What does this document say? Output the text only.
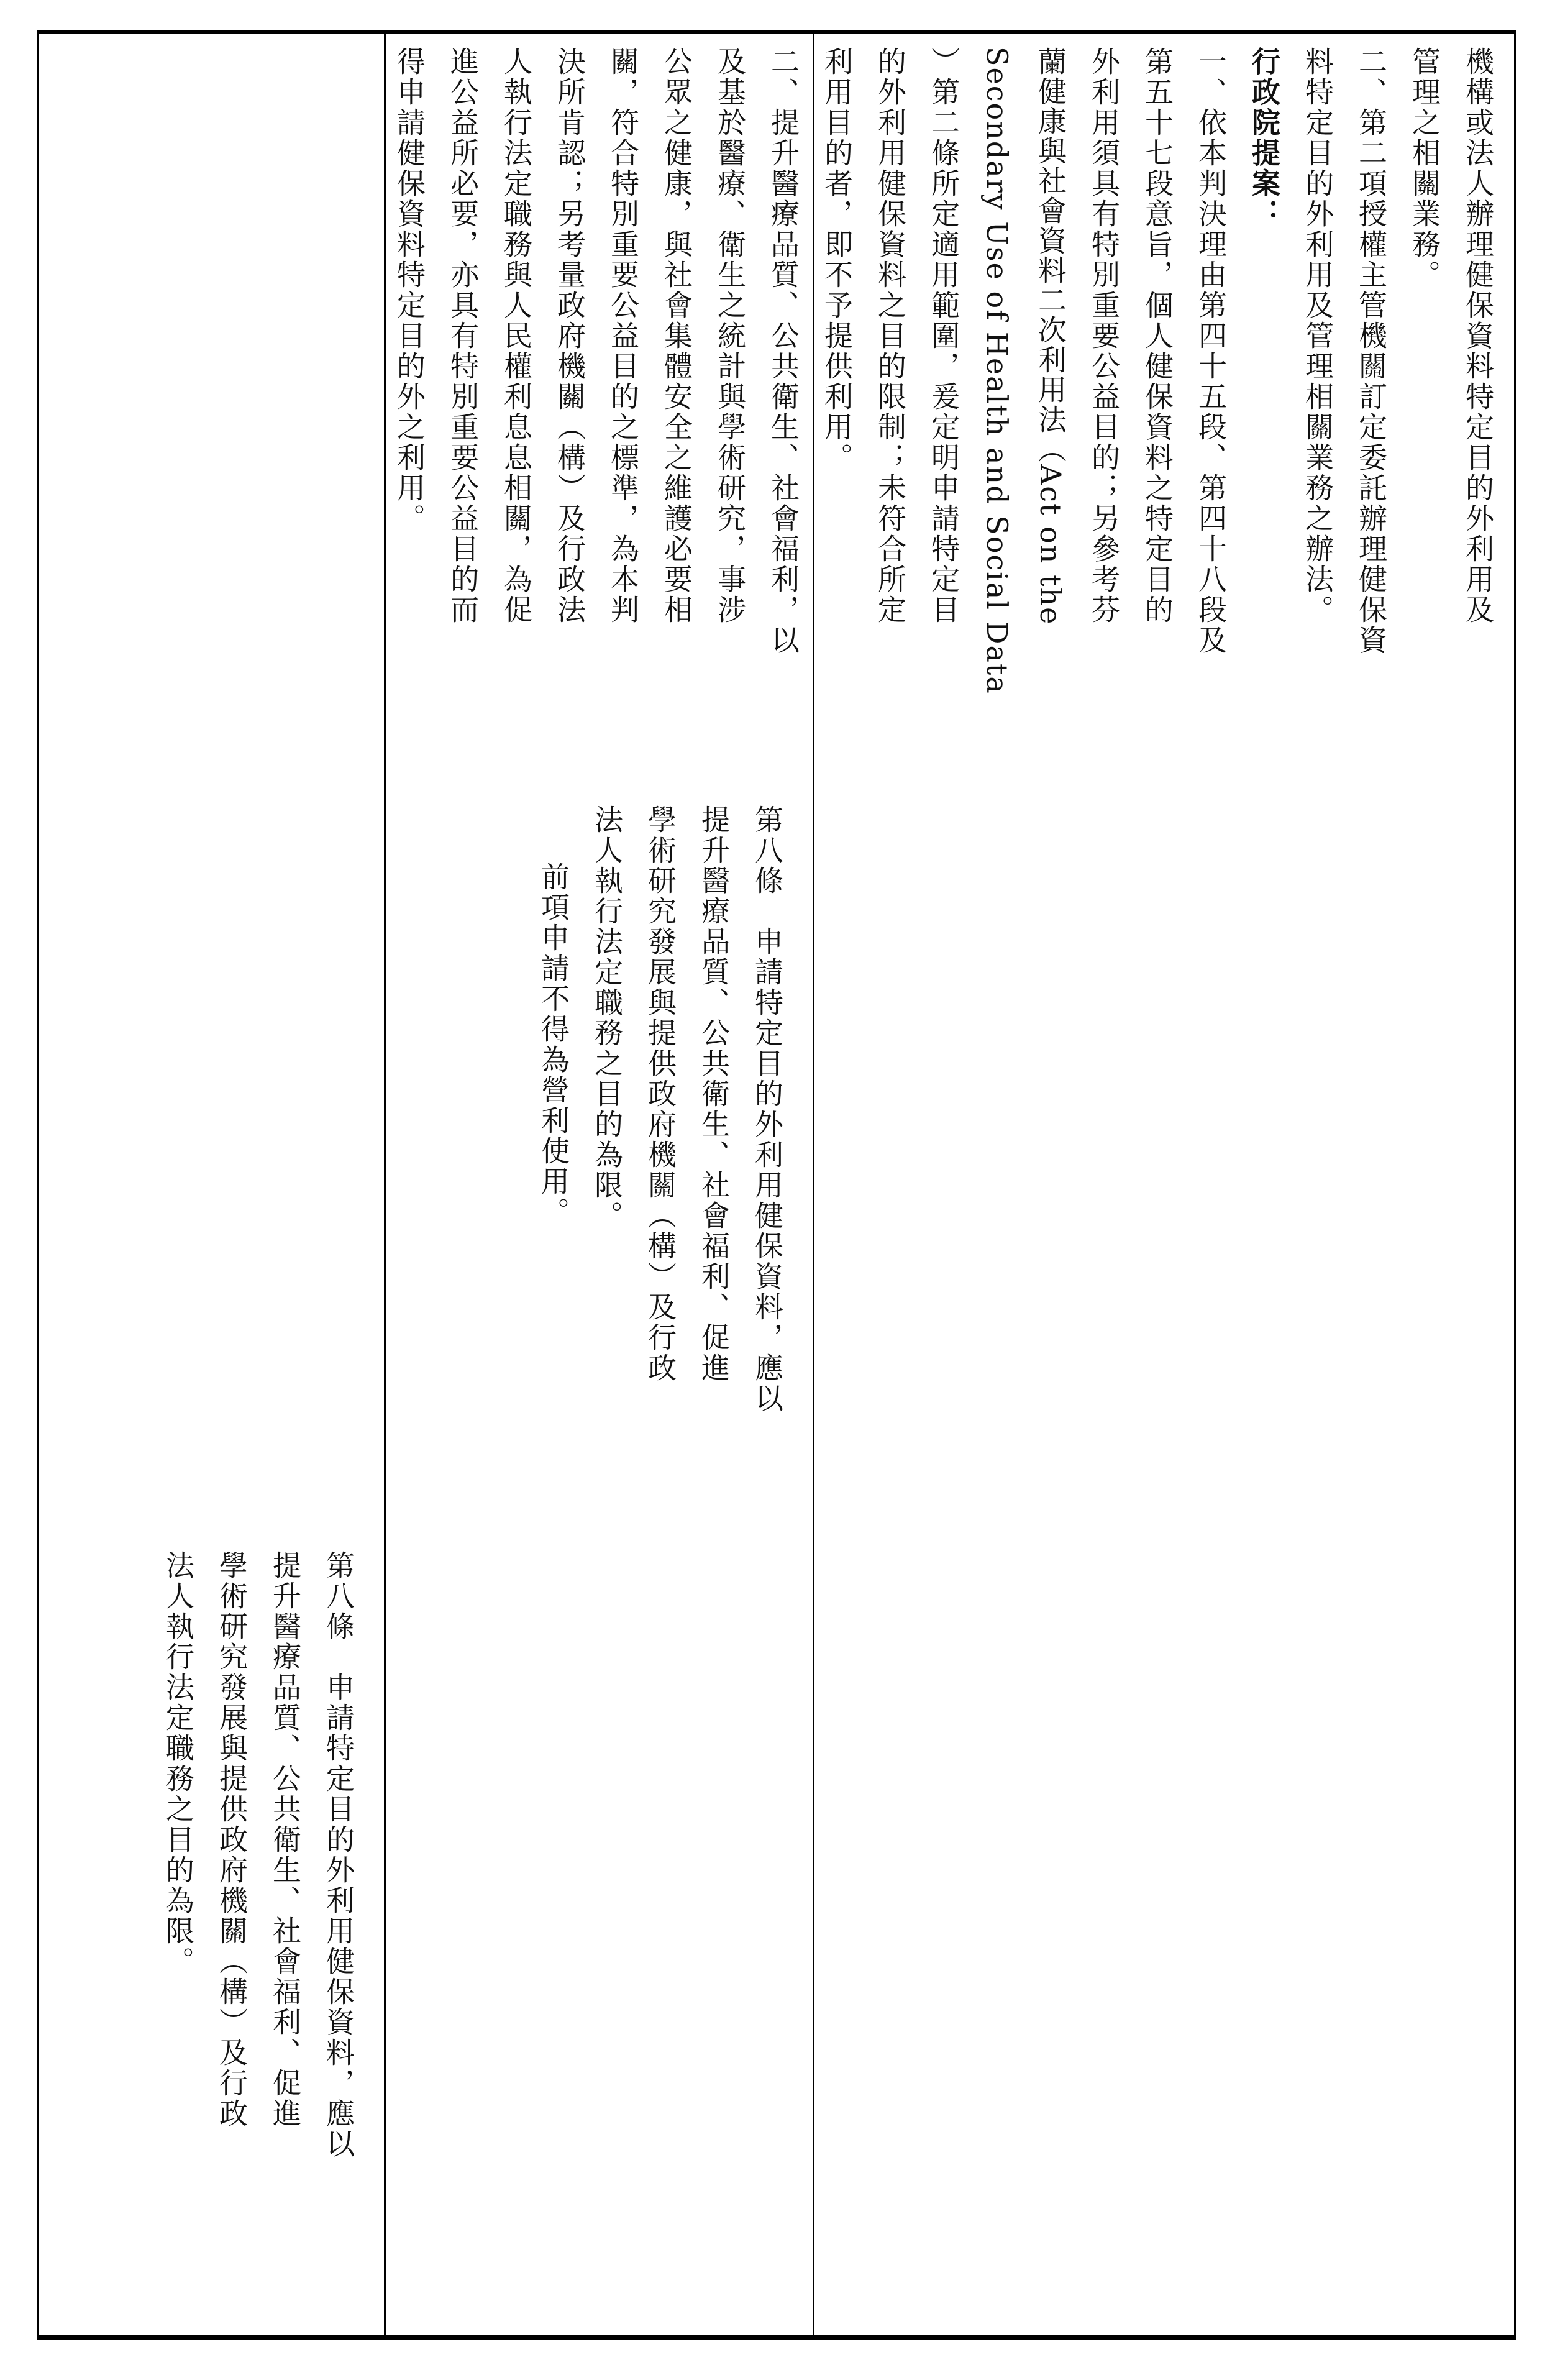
機構或法人辦理健保資料特定目的外利用及
管理之相關業務。
二、第二項授權主管機關訂定委託辦理健保資
料特定目的外利用及管理相關業務之辦法。
行政院提案：
一、依本判決理由第四十五段、第四十八段及
第五十七段意旨，個人健保資料之特定目的
外利用須具有特別重要公益目的；另參考芬
蘭健康與社會資料二次利用法（Act on the
Secondary Use of Health and Social Data
）第二條所定適用範圍，爰定明申請特定目
的外利用健保資料之目的限制；未符合所定
利用目的者，即不予提供利用。
二、提升醫療品質、公共衛生、社會福利，以
及基於醫療、衛生之統計與學術研究，事涉
公眾之健康，與社會集體安全之維護必要相
關，符合特別重要公益目的之標準，為本判
決所肯認；另考量政府機關（構）及行政法
人執行法定職務與人民權利息息相關，為促
進公益所必要，亦具有特別重要公益目的而
得申請健保資料特定目的外之利用。
第八條　申請特定目的外利用健保資料，應以
提升醫療品質、公共衛生、社會福利、促進
學術研究發展與提供政府機關（構）及行政
法人執行法定職務之目的為限。
前項申請不得為營利使用。
第八條　申請特定目的外利用健保資料，應以
提升醫療品質、公共衛生、社會福利、促進
學術研究發展與提供政府機關（構）及行政
法人執行法定職務之目的為限。
